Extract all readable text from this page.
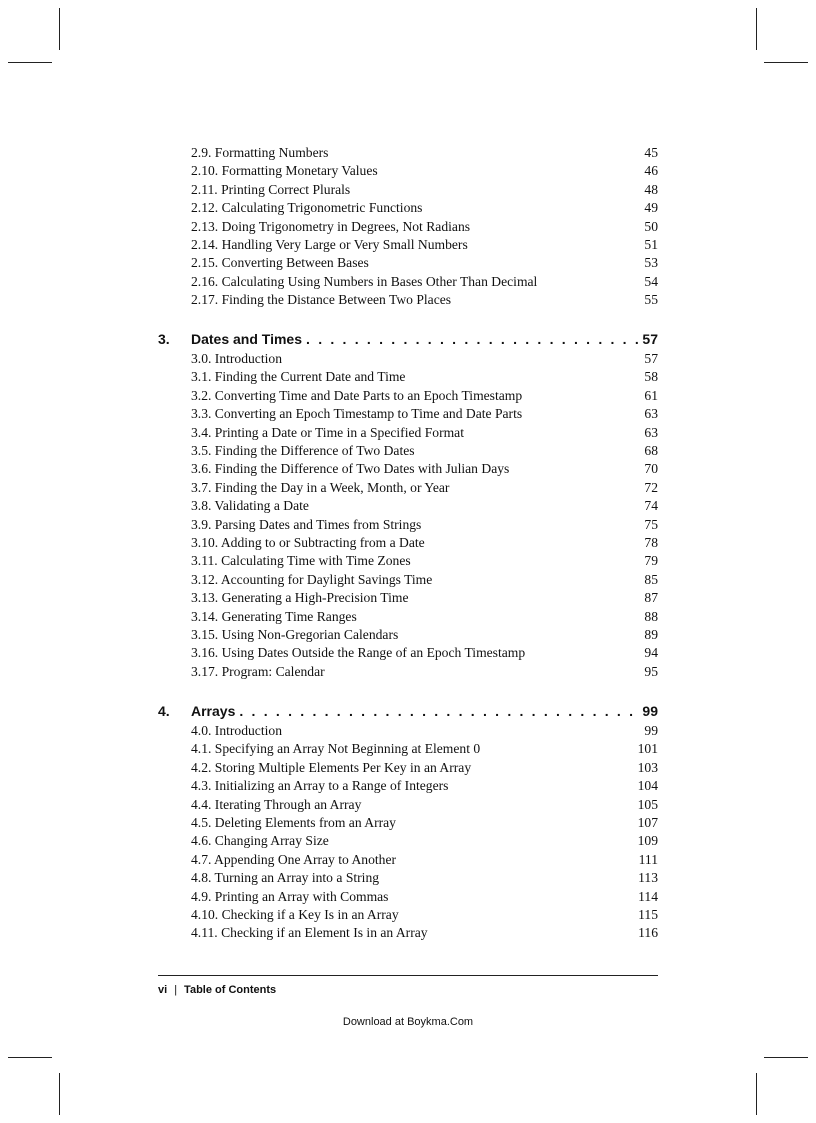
2.9. Formatting Numbers	45
2.10. Formatting Monetary Values	46
2.11. Printing Correct Plurals	48
2.12. Calculating Trigonometric Functions	49
2.13. Doing Trigonometry in Degrees, Not Radians	50
2.14. Handling Very Large or Very Small Numbers	51
2.15. Converting Between Bases	53
2.16. Calculating Using Numbers in Bases Other Than Decimal	54
2.17. Finding the Distance Between Two Places	55
3.	Dates and Times . . .	57
3.0. Introduction	57
3.1. Finding the Current Date and Time	58
3.2. Converting Time and Date Parts to an Epoch Timestamp	61
3.3. Converting an Epoch Timestamp to Time and Date Parts	63
3.4. Printing a Date or Time in a Specified Format	63
3.5. Finding the Difference of Two Dates	68
3.6. Finding the Difference of Two Dates with Julian Days	70
3.7. Finding the Day in a Week, Month, or Year	72
3.8. Validating a Date	74
3.9. Parsing Dates and Times from Strings	75
3.10. Adding to or Subtracting from a Date	78
3.11. Calculating Time with Time Zones	79
3.12. Accounting for Daylight Savings Time	85
3.13. Generating a High-Precision Time	87
3.14. Generating Time Ranges	88
3.15. Using Non-Gregorian Calendars	89
3.16. Using Dates Outside the Range of an Epoch Timestamp	94
3.17. Program: Calendar	95
4.	Arrays . . .	99
4.0. Introduction	99
4.1. Specifying an Array Not Beginning at Element 0	101
4.2. Storing Multiple Elements Per Key in an Array	103
4.3. Initializing an Array to a Range of Integers	104
4.4. Iterating Through an Array	105
4.5. Deleting Elements from an Array	107
4.6. Changing Array Size	109
4.7. Appending One Array to Another	111
4.8. Turning an Array into a String	113
4.9. Printing an Array with Commas	114
4.10. Checking if a Key Is in an Array	115
4.11. Checking if an Element Is in an Array	116
vi | Table of Contents
Download at Boykma.Com
